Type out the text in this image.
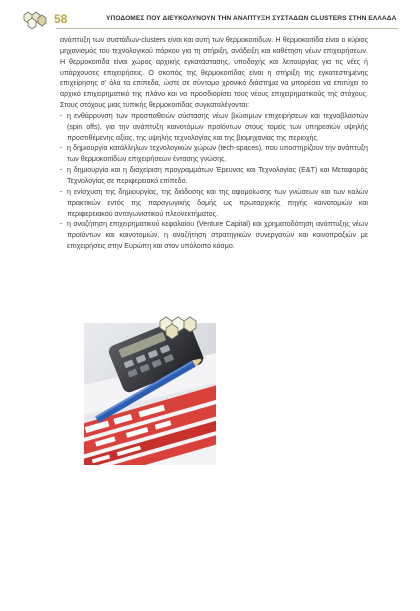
58	ΥΠΟΔΟΜΕΣ ΠΟΥ ΔΙΕΥΚΟΛΥΝΟΥΝ ΤΗΝ ΑΝΑΠΤΥΞΗ ΣΥΣΤΑΔΩΝ CLUSTERS ΣΤΗΝ ΕΛΛΑΔΑ

ανάπτυξη των συστάδων-clusters είναι και αυτή των θερμοκοιτίδων. Η θερμοκοιτίδα είναι ο κύριος μηχανισμός του τεχνολογικού πάρκου για τη στήριξη, ανάδειξη και καθέτηση νέων επιχειρήσεων. Η θερμοκοιτίδα είναι χώρος αρχικής εγκατάστασης, υποδοχής και λειτουργίας για τις νέες ή υπάρχουσες επιχειρήσεις. Ο σκοπός της θερμοκοιτίδας είναι η στήριξη της εγκατεστημένης επιχείρησης σ' όλα τα επίπεδα, ώστε σε σύντομο χρονικό διάστημα να μπορέσει να επιτύχει το αρχικό επιχειρηματικό της πλάνο και να προσδιορίσει τους νέους επιχειρηματικούς της στόχους. Στους στόχους μιας τυπικής θερμοκοιτίδας συγκαταλέγονται:

· η ενθάρρυνση των προσπαθειών σύστασης νέων βιώσιμων επιχειρήσεων και τεχνοβλαστών (spin offs), για την ανάπτυξη καινοτόμων προϊόντων στους τομείς των υπηρεσιών υψηλής προστιθέμενης αξίας, της υψηλής τεχνολογίας και της βιομηχανίας της περιοχής.
· η δημιουργία κατάλληλων τεχνολογικών χώρων (tech-spaces), που υποστηρίζουν την ανάπτυξη των θερμοκοιτίδων επιχειρήσεων έντασης γνώσης.
· η δημιουργία και η διαχείριση προγραμμάτων Έρευνας και Τεχνολογίας (Ε&Τ) και Μεταφοράς Τεχνολογίας σε περιφερειακό επίπεδο.
· η ενίσχυση της δημιουργίας, της διάδοσης και της αφομοίωσης των γνώσεων και των καλών πρακτικών εντός της παραγωγικής δομής ως πρωταρχικής πηγής καινοτομιών και περιφερειακού ανταγωνιστικού πλεονεκτήματος.
· η αναζήτηση επιχειρηματικού κεφαλαίου (Venture Capital) και χρηματοδότηση ανάπτυξης νέων προϊόντων και καινοτομιών, η αναζήτηση στρατηγικών συνεργατών και κοινοπραξιών με επιχειρήσεις στην Ευρώπη και στον υπόλοιπο κόσμο.
